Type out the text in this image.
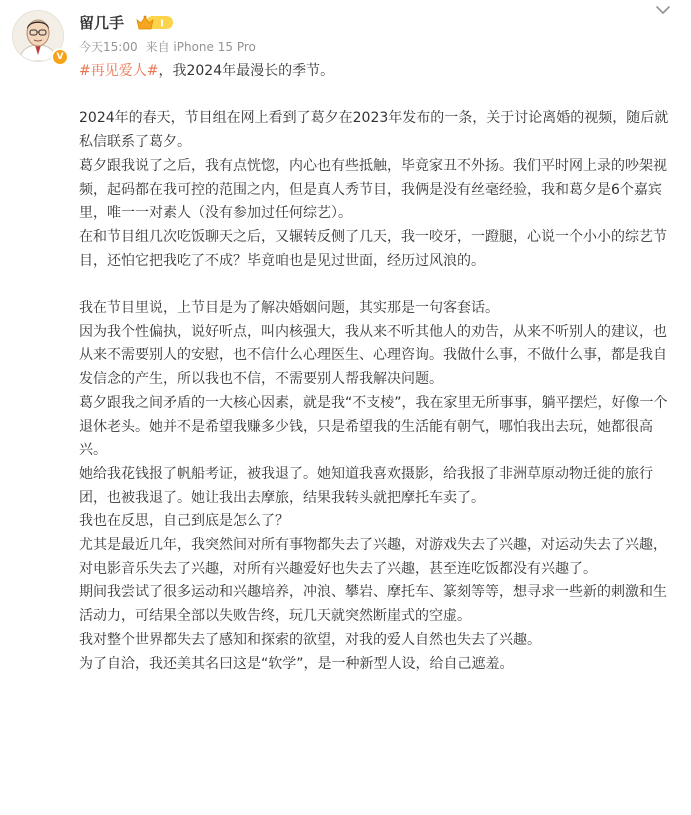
V
留几手	I
今天15:00 来自 iPhone 15 Pro

#再见爱人#，我2024年最漫长的季节。

2024年的春天，节目组在网上看到了葛夕在2023年发布的一条，关于讨论离婚的视频，随后就私信联系了葛夕。

葛夕跟我说了之后，我有点恍惚，内心也有些抵触，毕竟家丑不外扬。我们平时网上录的吵架视频，起码都在我可控的范围之内，但是真人秀节目，我俩是没有丝毫经验，我和葛夕是6个嘉宾里，唯一一对素人（没有参加过任何综艺）。

在和节目组几次吃饭聊天之后，又辗转反侧了几天，我一咬牙，一蹬腿，心说一个小小的综艺节目，还怕它把我吃了不成？毕竟咱也是见过世面，经历过风浪的。

我在节目里说，上节目是为了解决婚姻问题，其实那是一句客套话。

因为我个性偏执，说好听点，叫内核强大，我从来不听其他人的劝告，从来不听别人的建议，也从来不需要别人的安慰，也不信什么心理医生、心理咨询。我做什么事，不做什么事，都是我自发信念的产生，所以我也不信，不需要别人帮我解决问题。

葛夕跟我之间矛盾的一大核心因素，就是我“不支棱”，我在家里无所事事，躺平摆烂，好像一个退休老头。她并不是希望我赚多少钱，只是希望我的生活能有朝气，哪怕我出去玩，她都很高兴。

她给我花钱报了帆船考证，被我退了。她知道我喜欢摄影，给我报了非洲草原动物迁徙的旅行团，也被我退了。她让我出去摩旅，结果我转头就把摩托车卖了。

我也在反思，自己到底是怎么了？

尤其是最近几年，我突然间对所有事物都失去了兴趣，对游戏失去了兴趣，对运动失去了兴趣，对电影音乐失去了兴趣，对所有兴趣爱好也失去了兴趣，甚至连吃饭都没有兴趣了。

期间我尝试了很多运动和兴趣培养，冲浪、攀岩、摩托车、篆刻等等，想寻求一些新的刺激和生活动力，可结果全部以失败告终，玩几天就突然断崖式的空虚。

我对整个世界都失去了感知和探索的欲望，对我的爱人自然也失去了兴趣。

为了自洽，我还美其名曰这是“软学”，是一种新型人设，给自己遮羞。
